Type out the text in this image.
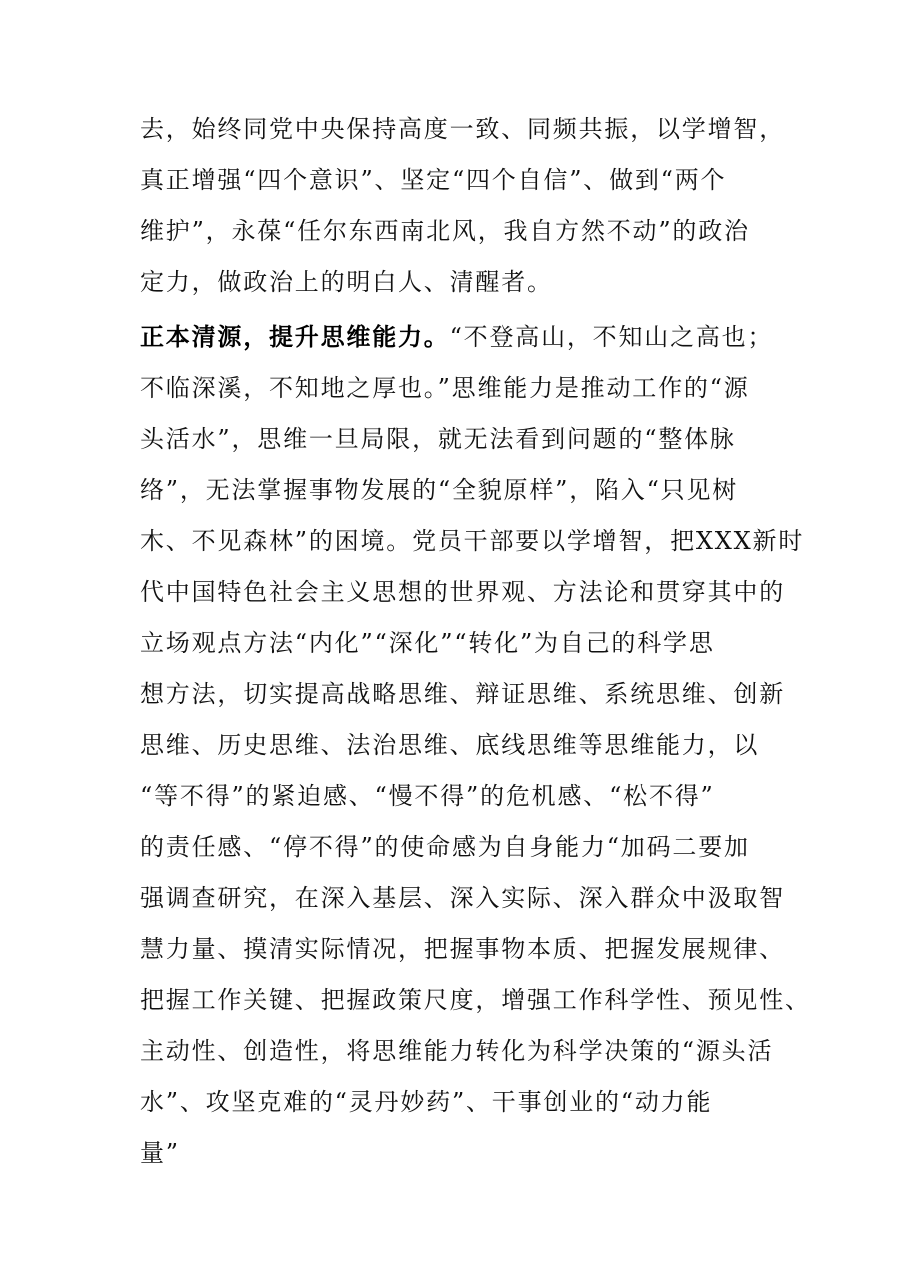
去，始终同党中央保持高度一致、同频共振，以学增智，
真正增强“四个意识”、坚定“四个自信”、做到“两个
维护”，永葆“任尔东西南北风，我自方然不动”的政治
定力，做政治上的明白人、清醒者。
正本清源，提升思维能力。“不登高山，不知山之高也；
不临深溪，不知地之厚也。”思维能力是推动工作的“源
头活水”，思维一旦局限，就无法看到问题的“整体脉
络”，无法掌握事物发展的“全貌原样”，陷入“只见树
木、不见森林”的困境。党员干部要以学增智，把XXX新时
代中国特色社会主义思想的世界观、方法论和贯穿其中的
立场观点方法“内化”“深化”“转化”为自己的科学思
想方法，切实提高战略思维、辩证思维、系统思维、创新
思维、历史思维、法治思维、底线思维等思维能力，以
“等不得”的紧迫感、“慢不得”的危机感、“松不得”
的责任感、“停不得”的使命感为自身能力“加码二要加
强调查研究，在深入基层、深入实际、深入群众中汲取智
慧力量、摸清实际情况，把握事物本质、把握发展规律、
把握工作关键、把握政策尺度，增强工作科学性、预见性、
主动性、创造性，将思维能力转化为科学决策的“源头活
水”、攻坚克难的“灵丹妙药”、干事创业的“动力能
量”
